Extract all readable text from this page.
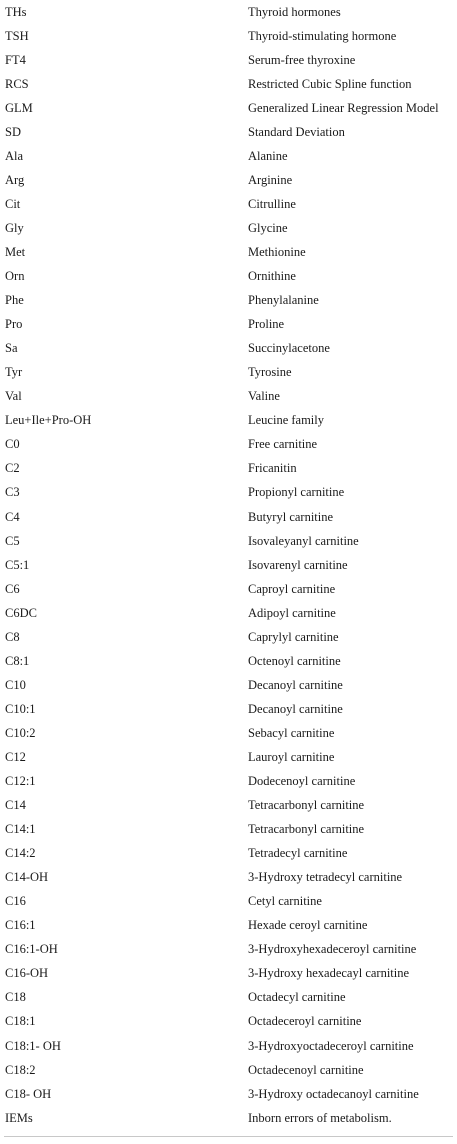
THs	Thyroid hormones
TSH	Thyroid-stimulating hormone
FT4	Serum-free thyroxine
RCS	Restricted Cubic Spline function
GLM	Generalized Linear Regression Model
SD	Standard Deviation
Ala	Alanine
Arg	Arginine
Cit	Citrulline
Gly	Glycine
Met	Methionine
Orn	Ornithine
Phe	Phenylalanine
Pro	Proline
Sa	Succinylacetone
Tyr	Tyrosine
Val	Valine
Leu+Ile+Pro-OH	Leucine family
C0	Free carnitine
C2	Fricanitin
C3	Propionyl carnitine
C4	Butyryl carnitine
C5	Isovaleyanyl carnitine
C5:1	Isovarenyl carnitine
C6	Caproyl carnitine
C6DC	Adipoyl carnitine
C8	Caprylyl carnitine
C8:1	Octenoyl carnitine
C10	Decanoyl carnitine
C10:1	Decanoyl carnitine
C10:2	Sebacyl carnitine
C12	Lauroyl carnitine
C12:1	Dodecenoyl carnitine
C14	Tetracarbonyl carnitine
C14:1	Tetracarbonyl carnitine
C14:2	Tetradecyl carnitine
C14-OH	3-Hydroxy tetradecyl carnitine
C16	Cetyl carnitine
C16:1	Hexade ceroyl carnitine
C16:1-OH	3-Hydroxyhexadeceroyl carnitine
C16-OH	3-Hydroxy hexadecayl carnitine
C18	Octadecyl carnitine
C18:1	Octadeceroyl carnitine
C18:1- OH	3-Hydroxyoctadeceroyl carnitine
C18:2	Octadecenoyl carnitine
C18- OH	3-Hydroxy octadecanoyl carnitine
IEMs	Inborn errors of metabolism.
